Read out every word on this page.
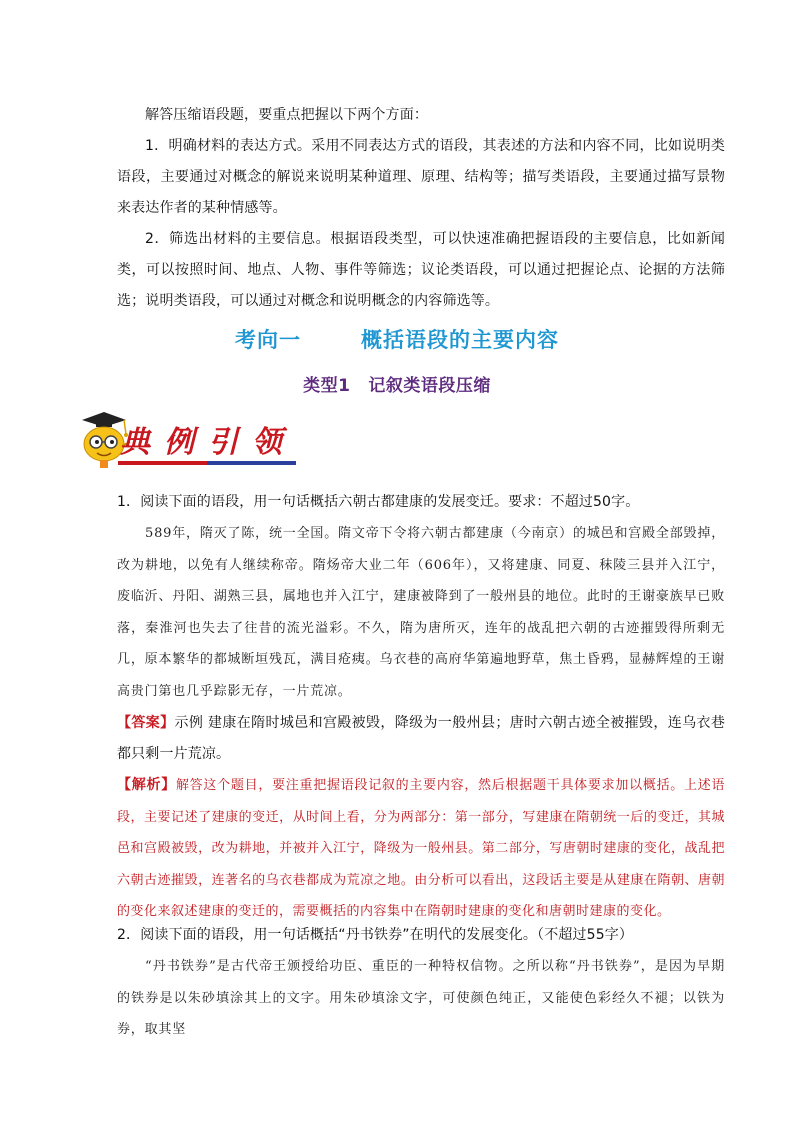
解答压缩语段题，要重点把握以下两个方面：

1．明确材料的表达方式。采用不同表达方式的语段，其表述的方法和内容不同，比如说明类语段，主要通过对概念的解说来说明某种道理、原理、结构等；描写类语段，主要通过描写景物来表达作者的某种情感等。

2．筛选出材料的主要信息。根据语段类型，可以快速准确把握语段的主要信息，比如新闻类，可以按照时间、地点、人物、事件等筛选；议论类语段，可以通过把握论点、论据的方法筛选；说明类语段，可以通过对概念和说明概念的内容筛选等。

考向一	概括语段的主要内容
类型1 记叙类语段压缩
典例引领

1．阅读下面的语段，用一句话概括六朝古都建康的发展变迁。要求：不超过50字。

589年，隋灭了陈，统一全国。隋文帝下令将六朝古都建康（今南京）的城邑和宫殿全部毁掉，改为耕地，以免有人继续称帝。隋炀帝大业二年（606年），又将建康、同夏、秣陵三县并入江宁，废临沂、丹阳、湖熟三县，属地也并入江宁，建康被降到了一般州县的地位。此时的王谢豪族早已败落，秦淮河也失去了往昔的流光溢彩。不久，隋为唐所灭，连年的战乱把六朝的古迹摧毁得所剩无几，原本繁华的都城断垣残瓦，满目疮痍。乌衣巷的高府华第遍地野草，焦土昏鸦，显赫辉煌的王谢高贵门第也几乎踪影无存，一片荒凉。

【答案】示例 建康在隋时城邑和宫殿被毁，降级为一般州县；唐时六朝古迹全被摧毁，连乌衣巷都只剩一片荒凉。

【解析】解答这个题目，要注重把握语段记叙的主要内容，然后根据题干具体要求加以概括。上述语段，主要记述了建康的变迁，从时间上看，分为两部分：第一部分，写建康在隋朝统一后的变迁，其城邑和宫殿被毁，改为耕地，并被并入江宁，降级为一般州县。第二部分，写唐朝时建康的变化，战乱把六朝古迹摧毁，连著名的乌衣巷都成为荒凉之地。由分析可以看出，这段话主要是从建康在隋朝、唐朝的变化来叙述建康的变迁的，需要概括的内容集中在隋朝时建康的变化和唐朝时建康的变化。

2．阅读下面的语段，用一句话概括“丹书铁券”在明代的发展变化。（不超过55字）

“丹书铁券”是古代帝王颁授给功臣、重臣的一种特权信物。之所以称“丹书铁券”，是因为早期的铁券是以朱砂填涂其上的文字。用朱砂填涂文字，可使颜色纯正，又能使色彩经久不褪；以铁为券，取其坚
